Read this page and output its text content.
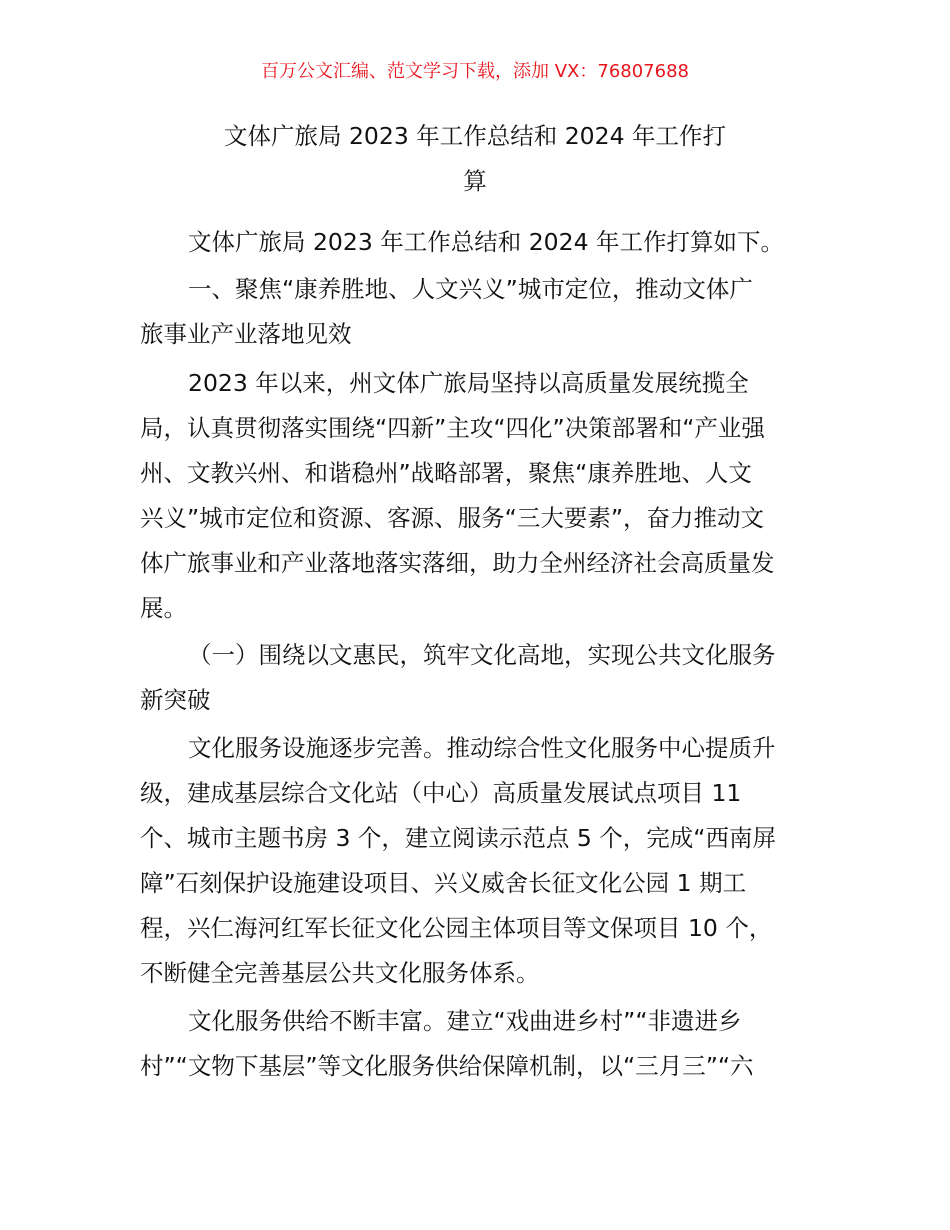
百万公文汇编、范文学习下载，添加 VX：76807688
文体广旅局 2023 年工作总结和 2024 年工作打
算
文体广旅局 2023 年工作总结和 2024 年工作打算如下。
一、聚焦“康养胜地、人文兴义”城市定位，推动文体广
旅事业产业落地见效
2023 年以来，州文体广旅局坚持以高质量发展统揽全
局，认真贯彻落实围绕“四新”主攻“四化”决策部署和“产业强
州、文教兴州、和谐稳州”战略部署，聚焦“康养胜地、人文
兴义”城市定位和资源、客源、服务“三大要素”，奋力推动文
体广旅事业和产业落地落实落细，助力全州经济社会高质量发
展。
（一）围绕以文惠民，筑牢文化高地，实现公共文化服务
新突破
文化服务设施逐步完善。推动综合性文化服务中心提质升
级，建成基层综合文化站（中心）高质量发展试点项目 11
个、城市主题书房 3 个，建立阅读示范点 5 个，完成“西南屏
障”石刻保护设施建设项目、兴义威舍长征文化公园 1 期工
程，兴仁海河红军长征文化公园主体项目等文保项目 10 个，
不断健全完善基层公共文化服务体系。
文化服务供给不断丰富。建立“戏曲进乡村”“非遗进乡
村”“文物下基层”等文化服务供给保障机制，以“三月三”“六
